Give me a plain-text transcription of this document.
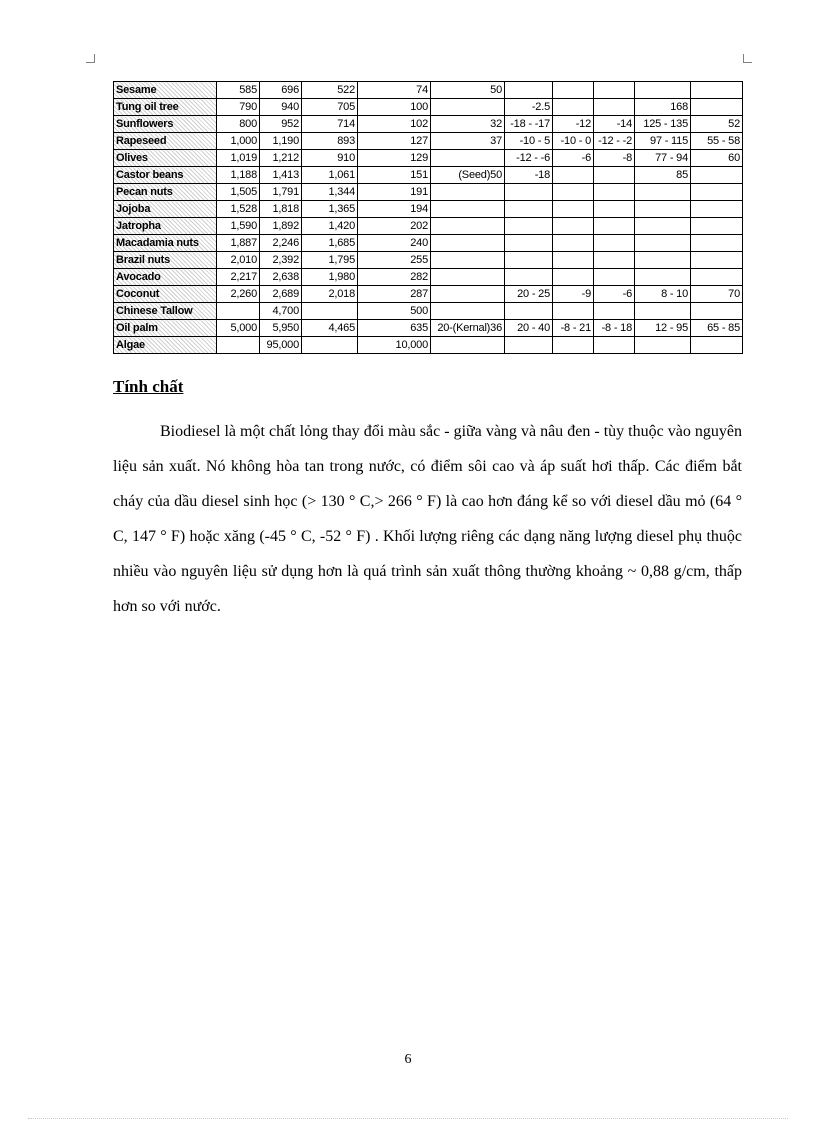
Sesame	585	696	522	74	50					
Tung oil tree	790	940	705	100		-2.5			168	
Sunflowers	800	952	714	102	32	-18 - -17	-12	-14	125 - 135	52
Rapeseed	1,000	1,190	893	127	37	-10 - 5	-10 - 0	-12 - -2	97 - 115	55 - 58
Olives	1,019	1,212	910	129		-12 - -6	-6	-8	77 - 94	60
Castor beans	1,188	1,413	1,061	151	(Seed)50	-18			85	
Pecan nuts	1,505	1,791	1,344	191						
Jojoba	1,528	1,818	1,365	194						
Jatropha	1,590	1,892	1,420	202						
Macadamia nuts	1,887	2,246	1,685	240						
Brazil nuts	2,010	2,392	1,795	255						
Avocado	2,217	2,638	1,980	282						
Coconut	2,260	2,689	2,018	287		20 - 25	-9	-6	8 - 10	70
Chinese Tallow		4,700		500						
Oil palm	5,000	5,950	4,465	635	20-(Kernal)36	20 - 40	-8 - 21	-8 - 18	12 - 95	65 - 85
Algae		95,000		10,000						
Tính chất

Biodiesel là một chất lỏng thay đổi màu sắc - giữa vàng và nâu đen - tùy thuộc vào nguyên liệu sản xuất. Nó không hòa tan trong nước, có điểm sôi cao và áp suất hơi thấp. Các điểm bắt cháy của dầu diesel sinh học (> 130 ° C,> 266 ° F) là cao hơn đáng kể so với diesel dầu mỏ (64 ° C, 147 ° F) hoặc xăng (-45 ° C, -52 ° F) . Khối lượng riêng các dạng năng lượng diesel phụ thuộc nhiều vào nguyên liệu sử dụng hơn là quá trình sản xuất thông thường khoảng ~ 0,88 g/cm, thấp hơn so với nước.

6
